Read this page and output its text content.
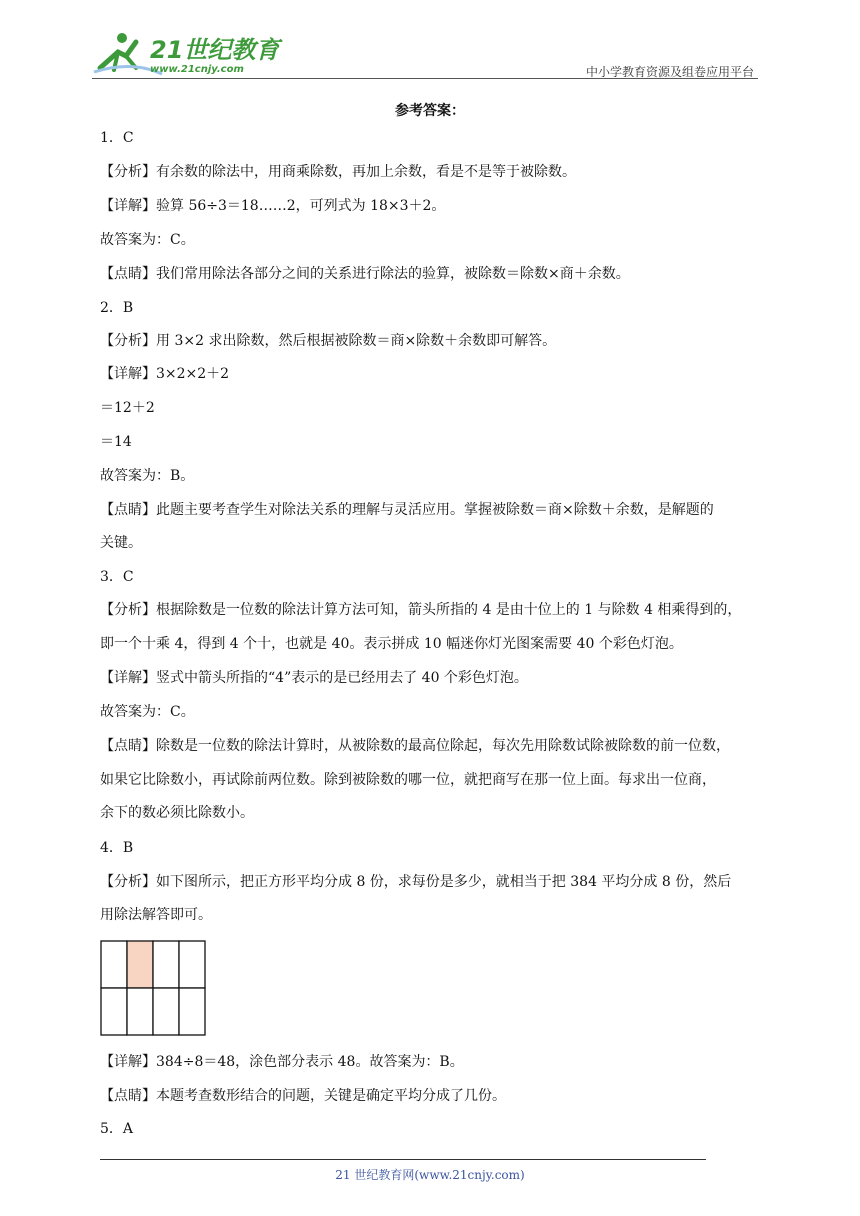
21世纪教育
www.21cnjy.com	中小学教育资源及组卷应用平台
参考答案：
1．C
【分析】有余数的除法中，用商乘除数，再加上余数，看是不是等于被除数。
【详解】验算 56÷3＝18……2，可列式为 18×3＋2。
故答案为：C。
【点睛】我们常用除法各部分之间的关系进行除法的验算，被除数＝除数×商＋余数。
2．B
【分析】用 3×2 求出除数，然后根据被除数＝商×除数＋余数即可解答。
【详解】3×2×2＋2
＝12＋2
＝14
故答案为：B。
【点睛】此题主要考查学生对除法关系的理解与灵活应用。掌握被除数＝商×除数＋余数，是解题的
关键。
3．C
【分析】根据除数是一位数的除法计算方法可知，箭头所指的 4 是由十位上的 1 与除数 4 相乘得到的，
即一个十乘 4，得到 4 个十，也就是 40。表示拼成 10 幅迷你灯光图案需要 40 个彩色灯泡。
【详解】竖式中箭头所指的“4”表示的是已经用去了 40 个彩色灯泡。
故答案为：C。
【点睛】除数是一位数的除法计算时，从被除数的最高位除起，每次先用除数试除被除数的前一位数，
如果它比除数小，再试除前两位数。除到被除数的哪一位，就把商写在那一位上面。每求出一位商，
余下的数必须比除数小。
4．B
【分析】如下图所示，把正方形平均分成 8 份，求每份是多少，就相当于把 384 平均分成 8 份，然后
用除法解答即可。
【详解】384÷8＝48，涂色部分表示 48。故答案为：B。
【点睛】本题考查数形结合的问题，关键是确定平均分成了几份。
5．A
21 世纪教育网(www.21cnjy.com)
